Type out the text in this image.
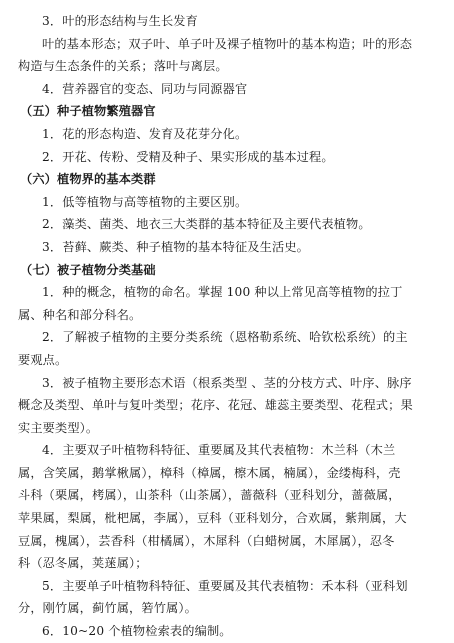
3．叶的形态结构与生长发育
叶的基本形态；双子叶、单子叶及裸子植物叶的基本构造；叶的形态
构造与生态条件的关系；落叶与离层。
4．营养器官的变态、同功与同源器官
（五）种子植物繁殖器官
1．花的形态构造、发育及花芽分化。
2．开花、传粉、受精及种子、果实形成的基本过程。
（六）植物界的基本类群
1．低等植物与高等植物的主要区别。
2．藻类、菌类、地衣三大类群的基本特征及主要代表植物。
3．苔藓、蕨类、种子植物的基本特征及生活史。
（七）被子植物分类基础
1．种的概念，植物的命名。掌握 100 种以上常见高等植物的拉丁
属、种名和部分科名。
2．了解被子植物的主要分类系统（恩格勒系统、哈钦松系统）的主
要观点。
3．被子植物主要形态术语（根系类型 、茎的分枝方式、叶序、脉序
概念及类型、单叶与复叶类型；花序、花冠、雄蕊主要类型、花程式；果
实主要类型）。
4．主要双子叶植物科特征、重要属及其代表植物：木兰科（木兰
属，含笑属，鹅掌楸属），樟科（樟属，檫木属，楠属），金缕梅科，壳
斗科（栗属，栲属），山茶科（山茶属），蔷薇科（亚科划分，蔷薇属，
苹果属，梨属，枇杷属，李属），豆科（亚科划分，合欢属，紫荆属，大
豆属，槐属），芸香科（柑橘属），木犀科（白蜡树属，木犀属），忍冬
科（忍冬属，荚蒾属）；
5．主要单子叶植物科特征、重要属及其代表植物：禾本科（亚科划
分，刚竹属，蓟竹属，箬竹属）。
6．10~20 个植物检索表的编制。
